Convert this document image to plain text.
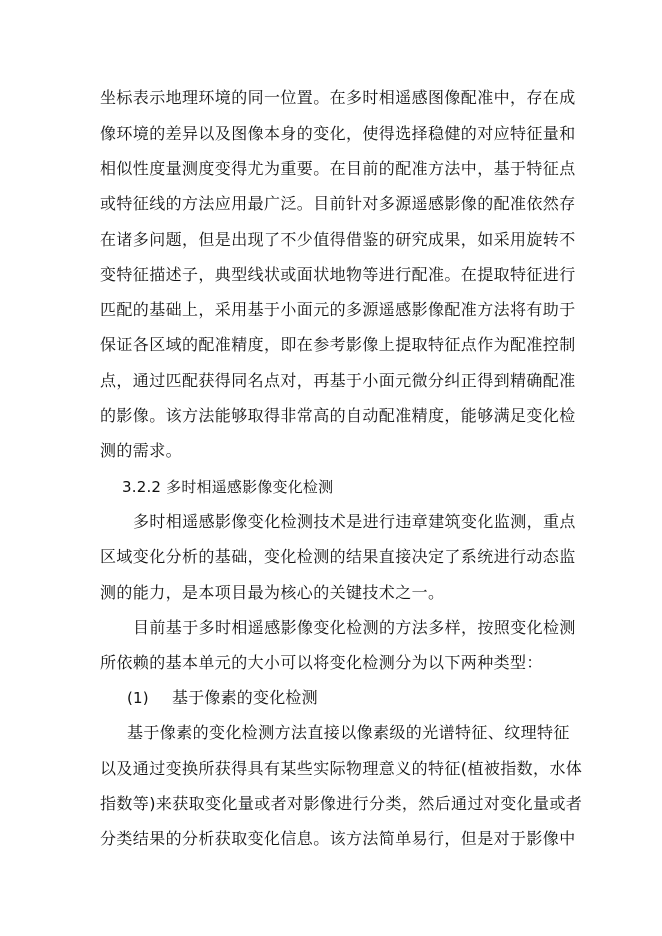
坐标表示地理环境的同一位置。在多时相遥感图像配准中，存在成
像环境的差异以及图像本身的变化，使得选择稳健的对应特征量和
相似性度量测度变得尤为重要。在目前的配准方法中，基于特征点
或特征线的方法应用最广泛。目前针对多源遥感影像的配准依然存
在诸多问题，但是出现了不少值得借鉴的研究成果，如采用旋转不
变特征描述子，典型线状或面状地物等进行配准。在提取特征进行
匹配的基础上，采用基于小面元的多源遥感影像配准方法将有助于
保证各区域的配准精度，即在参考影像上提取特征点作为配准控制
点，通过匹配获得同名点对，再基于小面元微分纠正得到精确配准
的影像。该方法能够取得非常高的自动配准精度，能够满足变化检
测的需求。
3.2.2 多时相遥感影像变化检测
多时相遥感影像变化检测技术是进行违章建筑变化监测，重点
区域变化分析的基础，变化检测的结果直接决定了系统进行动态监
测的能力，是本项目最为核心的关键技术之一。
目前基于多时相遥感影像变化检测的方法多样，按照变化检测
所依赖的基本单元的大小可以将变化检测分为以下两种类型：
(1) 基于像素的变化检测
基于像素的变化检测方法直接以像素级的光谱特征、纹理特征
以及通过变换所获得具有某些实际物理意义的特征(植被指数，水体
指数等)来获取变化量或者对影像进行分类，然后通过对变化量或者
分类结果的分析获取变化信息。该方法简单易行，但是对于影像中
